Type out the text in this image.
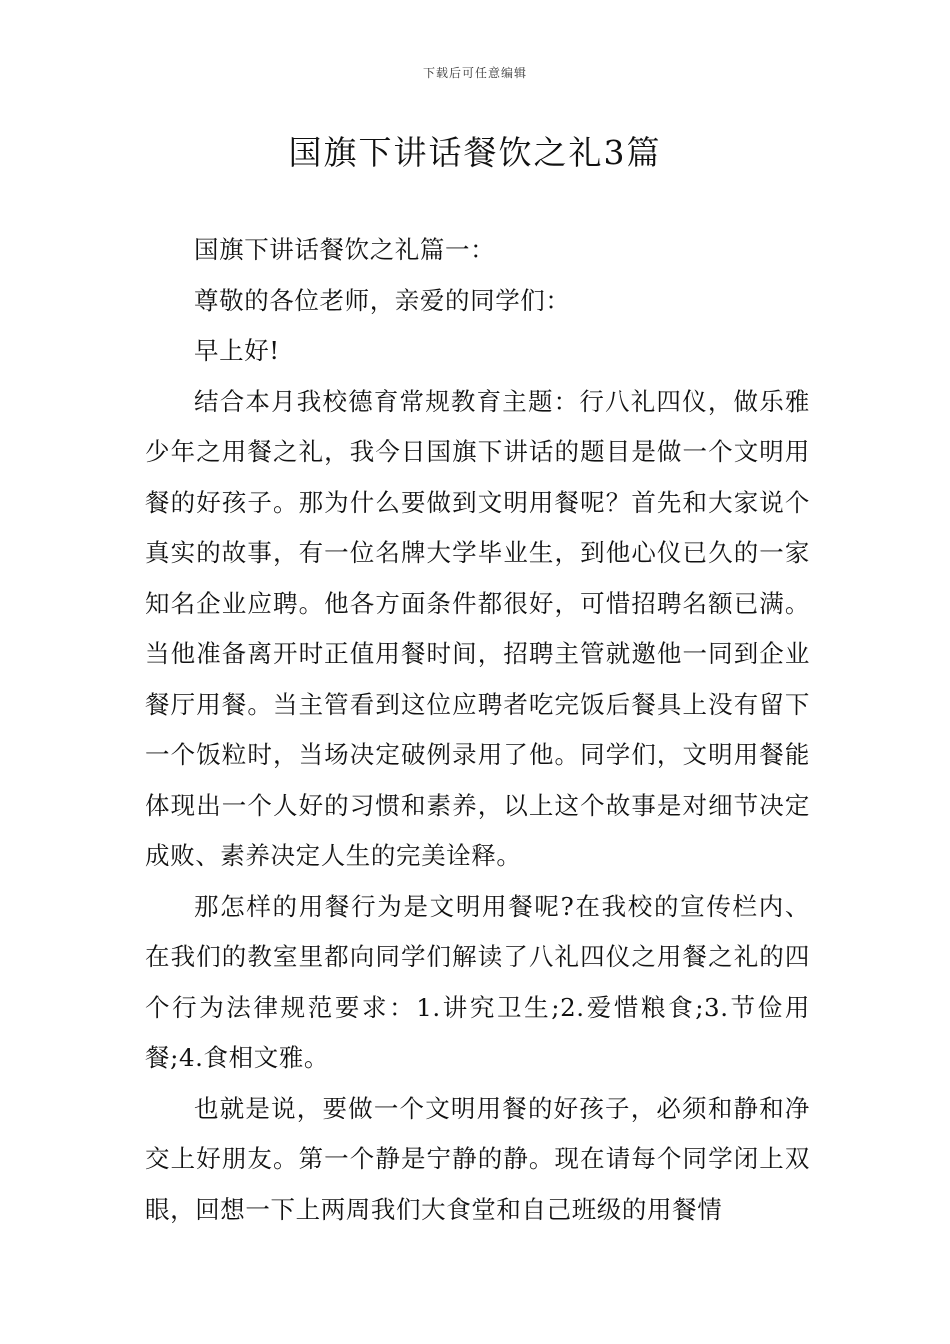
下载后可任意编辑
国旗下讲话餐饮之礼3篇

国旗下讲话餐饮之礼篇一：

尊敬的各位老师，亲爱的同学们：

早上好!

结合本月我校德育常规教育主题：行八礼四仪，做乐雅少年之用餐之礼，我今日国旗下讲话的题目是做一个文明用餐的好孩子。那为什么要做到文明用餐呢？首先和大家说个真实的故事，有一位名牌大学毕业生，到他心仪已久的一家知名企业应聘。他各方面条件都很好，可惜招聘名额已满。当他准备离开时正值用餐时间，招聘主管就邀他一同到企业餐厅用餐。当主管看到这位应聘者吃完饭后餐具上没有留下一个饭粒时，当场决定破例录用了他。同学们，文明用餐能体现出一个人好的习惯和素养，以上这个故事是对细节决定成败、素养决定人生的完美诠释。

那怎样的用餐行为是文明用餐呢?在我校的宣传栏内、在我们的教室里都向同学们解读了八礼四仪之用餐之礼的四个行为法律规范要求：1.讲究卫生;2.爱惜粮食;3.节俭用餐;4.食相文雅。

也就是说，要做一个文明用餐的好孩子，必须和静和净交上好朋友。第一个静是宁静的静。现在请每个同学闭上双眼，回想一下上两周我们大食堂和自己班级的用餐情
